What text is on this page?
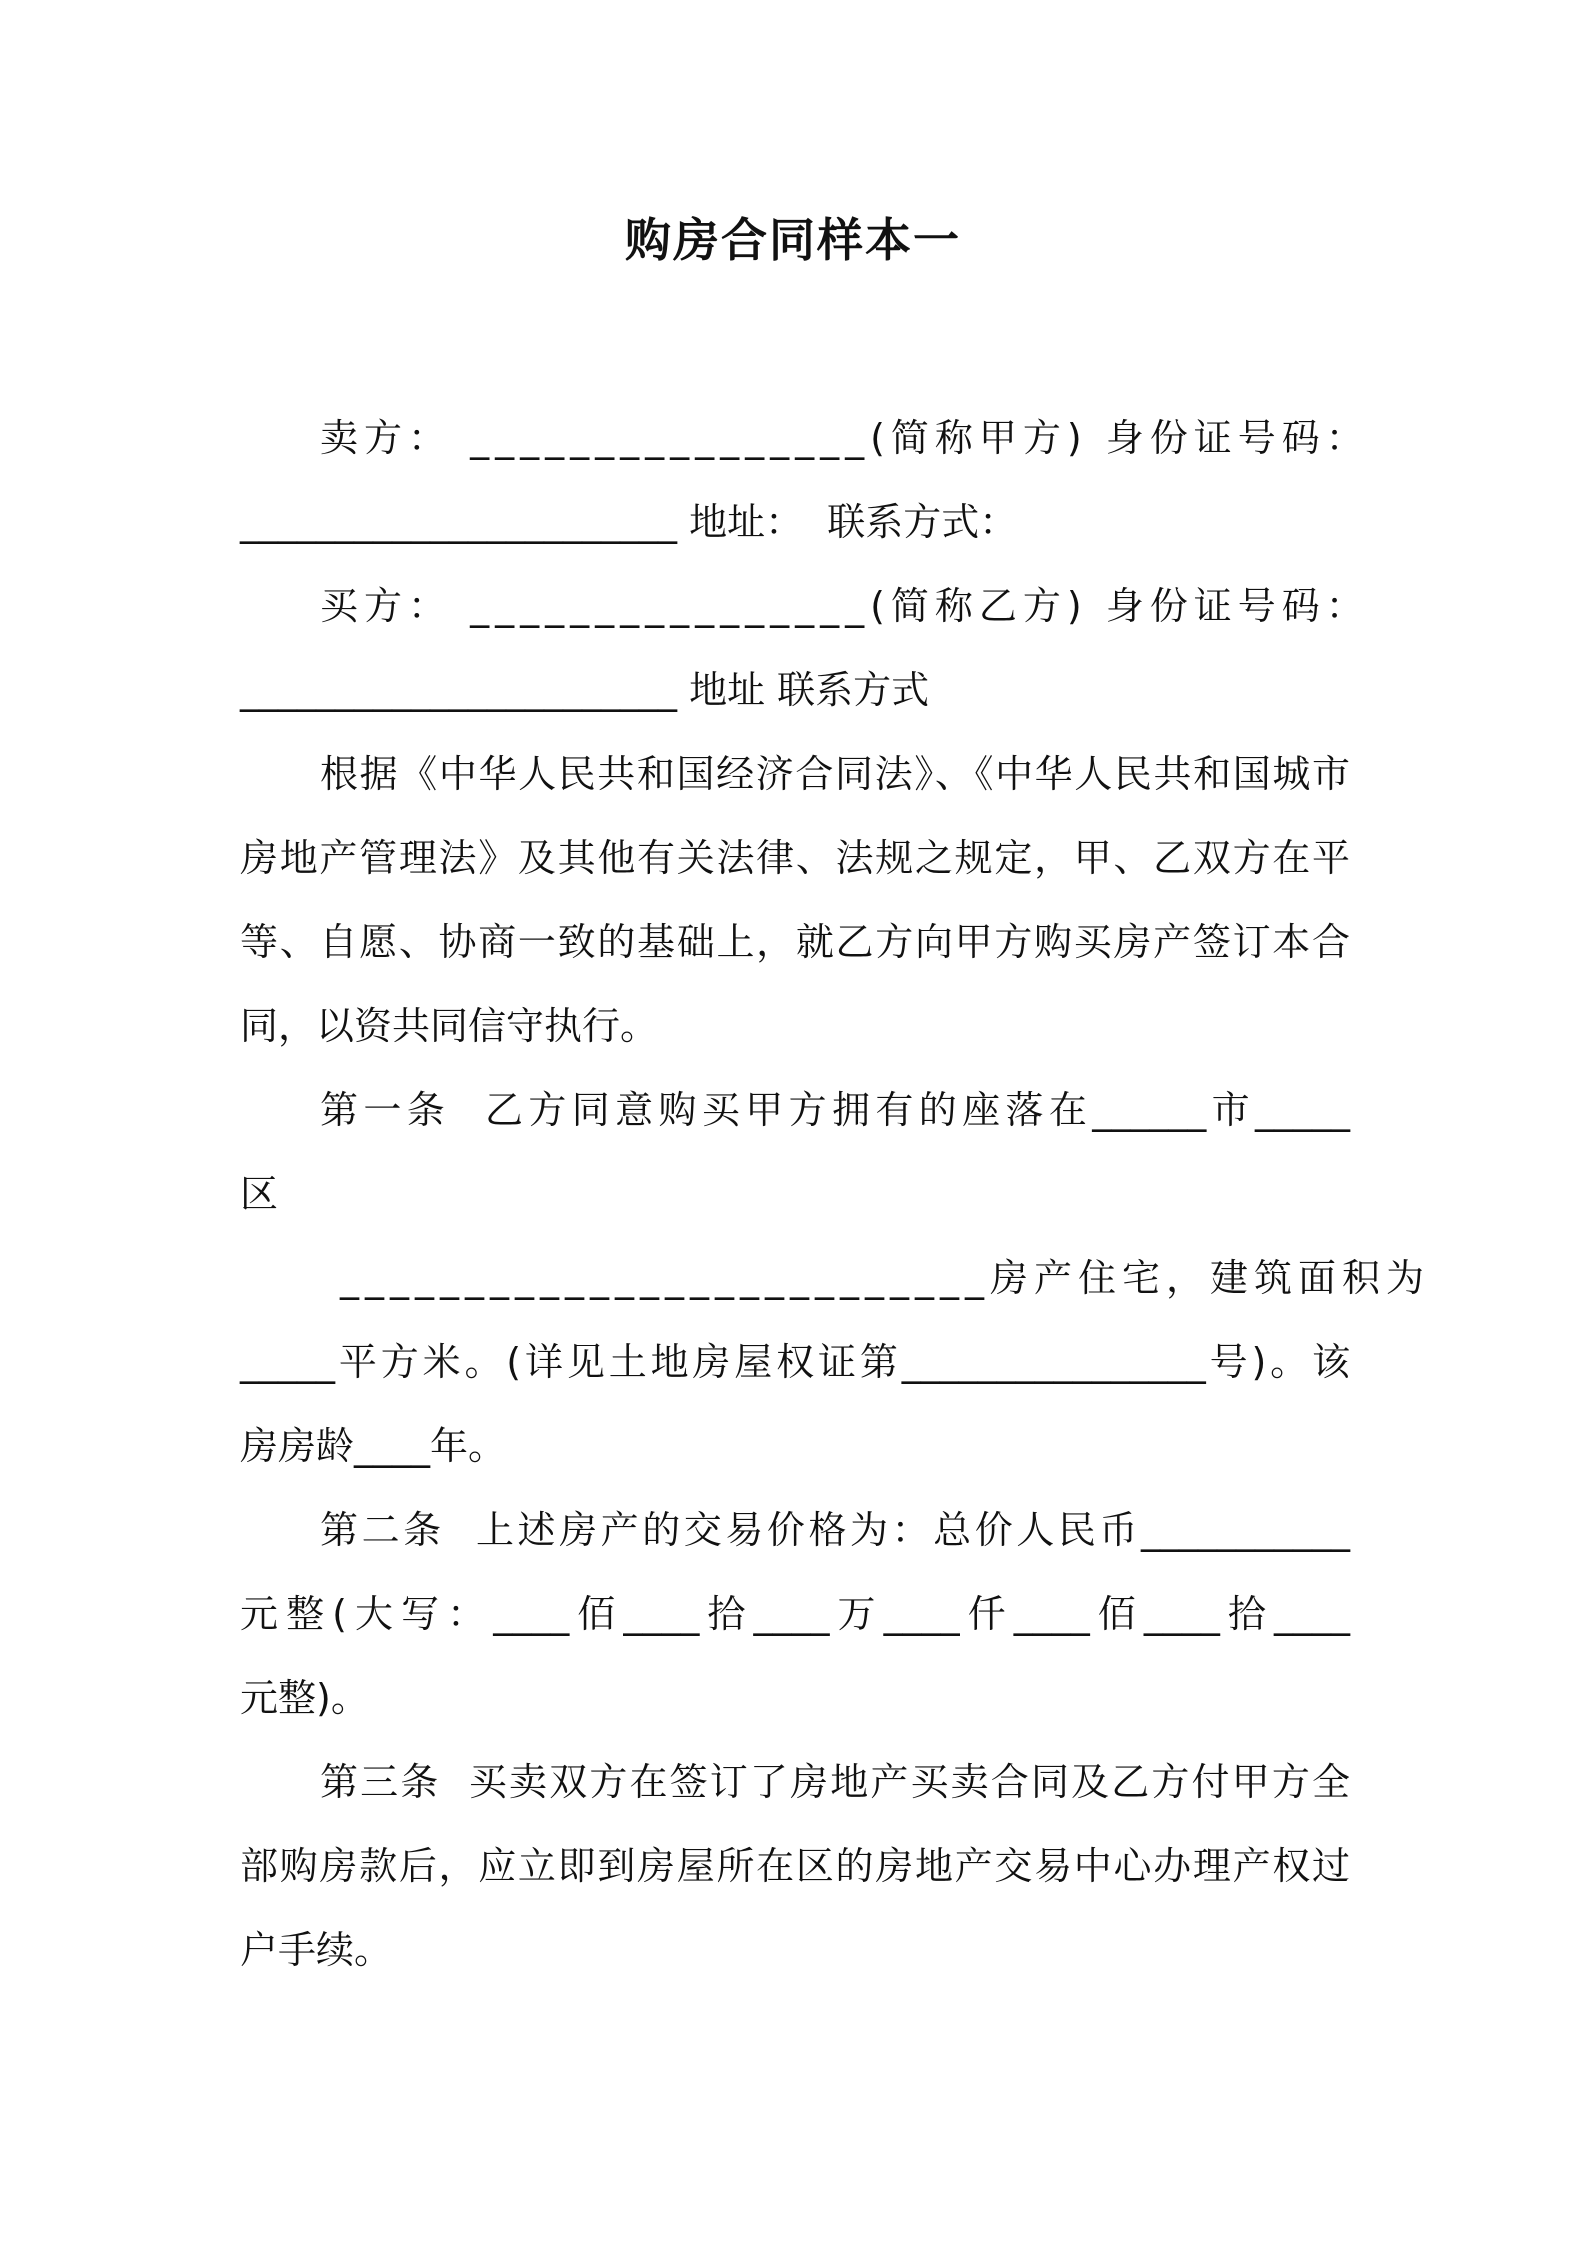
购房合同样本一
卖方： ________________(简称甲方) 身份证号码：
_______________________ 地址：  联系方式：
买方： ________________(简称乙方) 身份证号码：
_______________________ 地址 联系方式
根据《中华人民共和国经济合同法》、《中华人民共和国城市
房地产管理法》及其他有关法律、法规之规定，甲、乙双方在平
等、自愿、协商一致的基础上，就乙方向甲方购买房产签订本合
同，以资共同信守执行。
第一条  乙方同意购买甲方拥有的座落在______市_____
区
__________________________房产住宅，建筑面积为
_____平方米。(详见土地房屋权证第________________号)。该
房房龄____年。
第二条  上述房产的交易价格为：总价人民币___________
元整(大写：____佰____拾____万____仟____佰____拾____
元整)。
第三条  买卖双方在签订了房地产买卖合同及乙方付甲方全
部购房款后，应立即到房屋所在区的房地产交易中心办理产权过
户手续。
